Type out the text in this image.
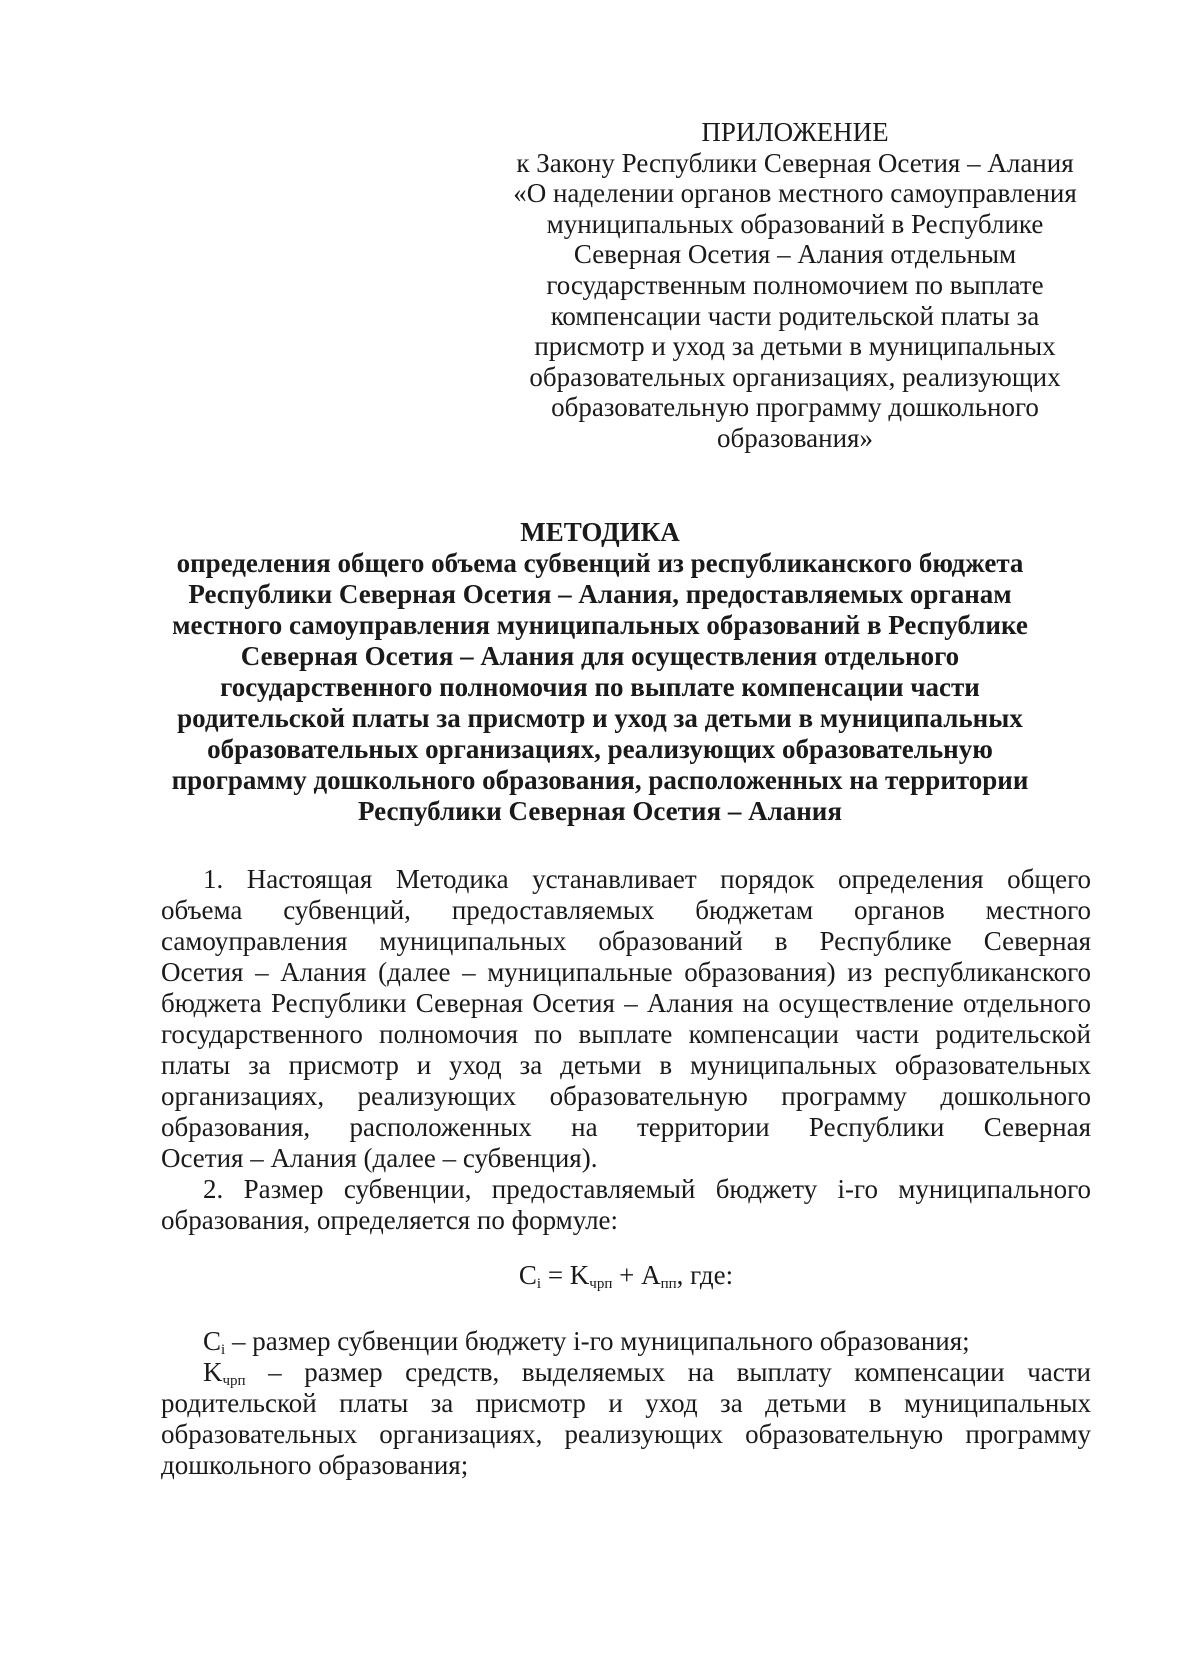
ПРИЛОЖЕНИЕ
к Закону Республики Северная Осетия – Алания
«О наделении органов местного самоуправления
муниципальных образований в Республике
Северная Осетия – Алания отдельным
государственным полномочием по выплате
компенсации части родительской платы за
присмотр и уход за детьми в муниципальных
образовательных организациях, реализующих
образовательную программу дошкольного
образования»
МЕТОДИКА
определения общего объема субвенций из республиканского бюджета
Республики Северная Осетия – Алания, предоставляемых органам
местного самоуправления муниципальных образований в Республике
Северная Осетия – Алания для осуществления отдельного
государственного полномочия по выплате компенсации части
родительской платы за присмотр и уход за детьми в муниципальных
образовательных организациях, реализующих образовательную
программу дошкольного образования, расположенных на территории
Республики Северная Осетия – Алания
1. Настоящая Методика устанавливает порядок определения общего
объема субвенций, предоставляемых бюджетам органов местного
самоуправления муниципальных образований в Республике Северная
Осетия – Алания (далее – муниципальные образования) из республиканского
бюджета Республики Северная Осетия – Алания на осуществление отдельного
государственного полномочия по выплате компенсации части родительской
платы за присмотр и уход за детьми в муниципальных образовательных
организациях, реализующих образовательную программу дошкольного
образования, расположенных на территории Республики Северная
Осетия – Алания (далее – субвенция).
2. Размер субвенции, предоставляемый бюджету i-го муниципального
образования, определяется по формуле:
$C_i = K_{чрп} + A_{пп}$, где:
$C_i$ – размер субвенции бюджету i-го муниципального образования;
$K_{чрп}$ – размер средств, выделяемых на выплату компенсации части
родительской платы за присмотр и уход за детьми в муниципальных
образовательных организациях, реализующих образовательную программу
дошкольного образования;
